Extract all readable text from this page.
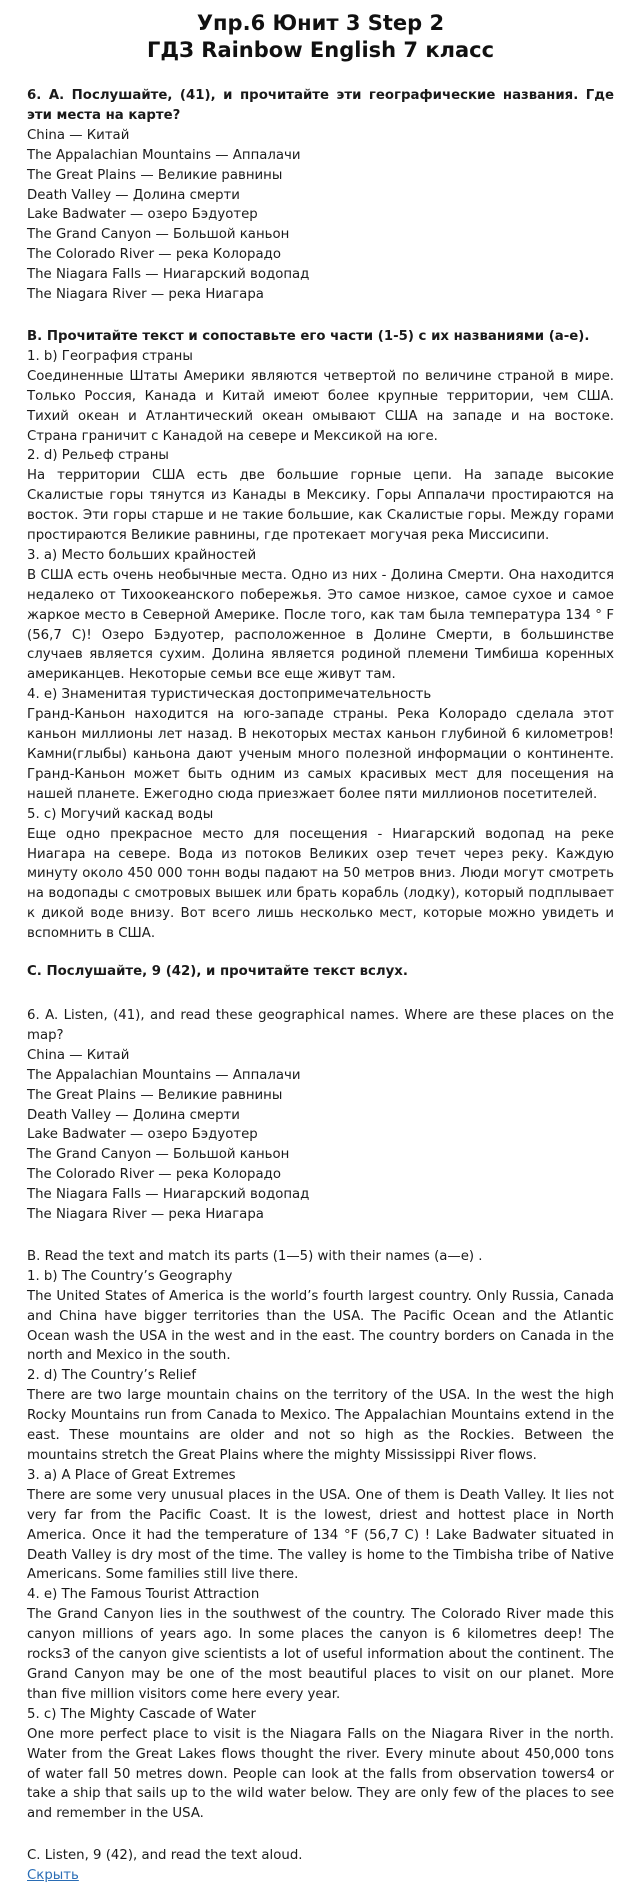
Упр.6 Юнит 3 Step 2
ГДЗ Rainbow English 7 класс

6. А. Послушайте, (41), и прочитайте эти географические названия. Где эти места на карте?

China — Китай
The Appalachian Mountains — Аппалачи
The Great Plains — Великие равнины
Death Valley — Долина смерти
Lake Badwater — озеро Бэдуотер
The Grand Canyon — Большой каньон
The Colorado River — река Колорадо
The Niagara Falls — Ниагарский водопад
The Niagara River — река Ниагара

В. Прочитайте текст и сопоставьте его части (1-5) с их названиями (а-е).

1. b) География страны

Соединенные Штаты Америки являются четвертой по величине страной в мире. Только Россия, Канада и Китай имеют более крупные территории, чем США. Тихий океан и Атлантический океан омывают США на западе и на востоке. Страна граничит с Канадой на севере и Мексикой на юге.

2. d) Рельеф страны

На территории США есть две большие горные цепи. На западе высокие Скалистые горы тянутся из Канады в Мексику. Горы Аппалачи простираются на восток. Эти горы старше и не такие большие, как Скалистые горы. Между горами простираются Великие равнины, где протекает могучая река Миссисипи.

3. а) Место больших крайностей

В США есть очень необычные места. Одно из них - Долина Смерти. Она находится недалеко от Тихоокеанского побережья. Это самое низкое, самое сухое и самое жаркое место в Северной Америке. После того, как там была температура 134 ° F (56,7 С)! Озеро Бэдуотер, расположенное в Долине Смерти, в большинстве случаев является сухим. Долина является родиной племени Тимбиша коренных американцев. Некоторые семьи все еще живут там.

4. е) Знаменитая туристическая достопримечательность

Гранд-Каньон находится на юго-западе страны. Река Колорадо сделала этот каньон миллионы лет назад. В некоторых местах каньон глубиной 6 километров! Камни(глыбы) каньона дают ученым много полезной информации о континенте. Гранд-Каньон может быть одним из самых красивых мест для посещения на нашей планете. Ежегодно сюда приезжает более пяти миллионов посетителей.

5. с) Могучий каскад воды

Еще одно прекрасное место для посещения - Ниагарский водопад на реке Ниагара на севере. Вода из потоков Великих озер течет через реку. Каждую минуту около 450 000 тонн воды падают на 50 метров вниз. Люди могут смотреть на водопады с смотровых вышек или брать корабль (лодку), который подплывает к дикой воде внизу. Вот всего лишь несколько мест, которые можно увидеть и вспомнить в США.

С. Послушайте, 9 (42), и прочитайте текст вслух.

6. A. Listen, (41), and read these geographical names. Where are these places on the map?

China — Китай
The Appalachian Mountains — Аппалачи
The Great Plains — Великие равнины
Death Valley — Долина смерти
Lake Badwater — озеро Бэдуотер
The Grand Canyon — Большой каньон
The Colorado River — река Колорадо
The Niagara Falls — Ниагарский водопад
The Niagara River — река Ниагара

B. Read the text and match its parts (1—5) with their names (a—e) .

1. b) The Country’s Geography

The United States of America is the world’s fourth largest country. Only Russia, Canada and China have bigger territories than the USA. The Pacific Ocean and the Atlantic Ocean wash the USA in the west and in the east. The country borders on Canada in the north and Mexico in the south.

2. d) The Country’s Relief

There are two large mountain chains on the territory of the USA. In the west the high Rocky Mountains run from Canada to Mexico. The Appalachian Mountains extend in the east. These mountains are older and not so high as the Rockies. Between the mountains stretch the Great Plains where the mighty Mississippi River flows.

3. a) A Place of Great Extremes

There are some very unusual places in the USA. One of them is Death Valley. It lies not very far from the Pacific Coast. It is the lowest, driest and hottest place in North America. Once it had the temperature of 134 °F (56,7 C) ! Lake Badwater situated in Death Valley is dry most of the time. The valley is home to the Timbisha tribe of Native Americans. Some families still live there.

4. e) The Famous Tourist Attraction

The Grand Canyon lies in the southwest of the country. The Colorado River made this canyon millions of years ago. In some places the canyon is 6 kilometres deep! The rocks3 of the canyon give scientists a lot of useful information about the continent. The Grand Canyon may be one of the most beautiful places to visit on our planet. More than five million visitors come here every year.

5. c) The Mighty Cascade of Water

One more perfect place to visit is the Niagara Falls on the Niagara River in the north. Water from the Great Lakes flows thought the river. Every minute about 450,000 tons of water fall 50 metres down. People can look at the falls from observation towers4 or take a ship that sails up to the wild water below. They are only few of the places to see and remember in the USA.

C. Listen, 9 (42), and read the text aloud.

Скрыть
